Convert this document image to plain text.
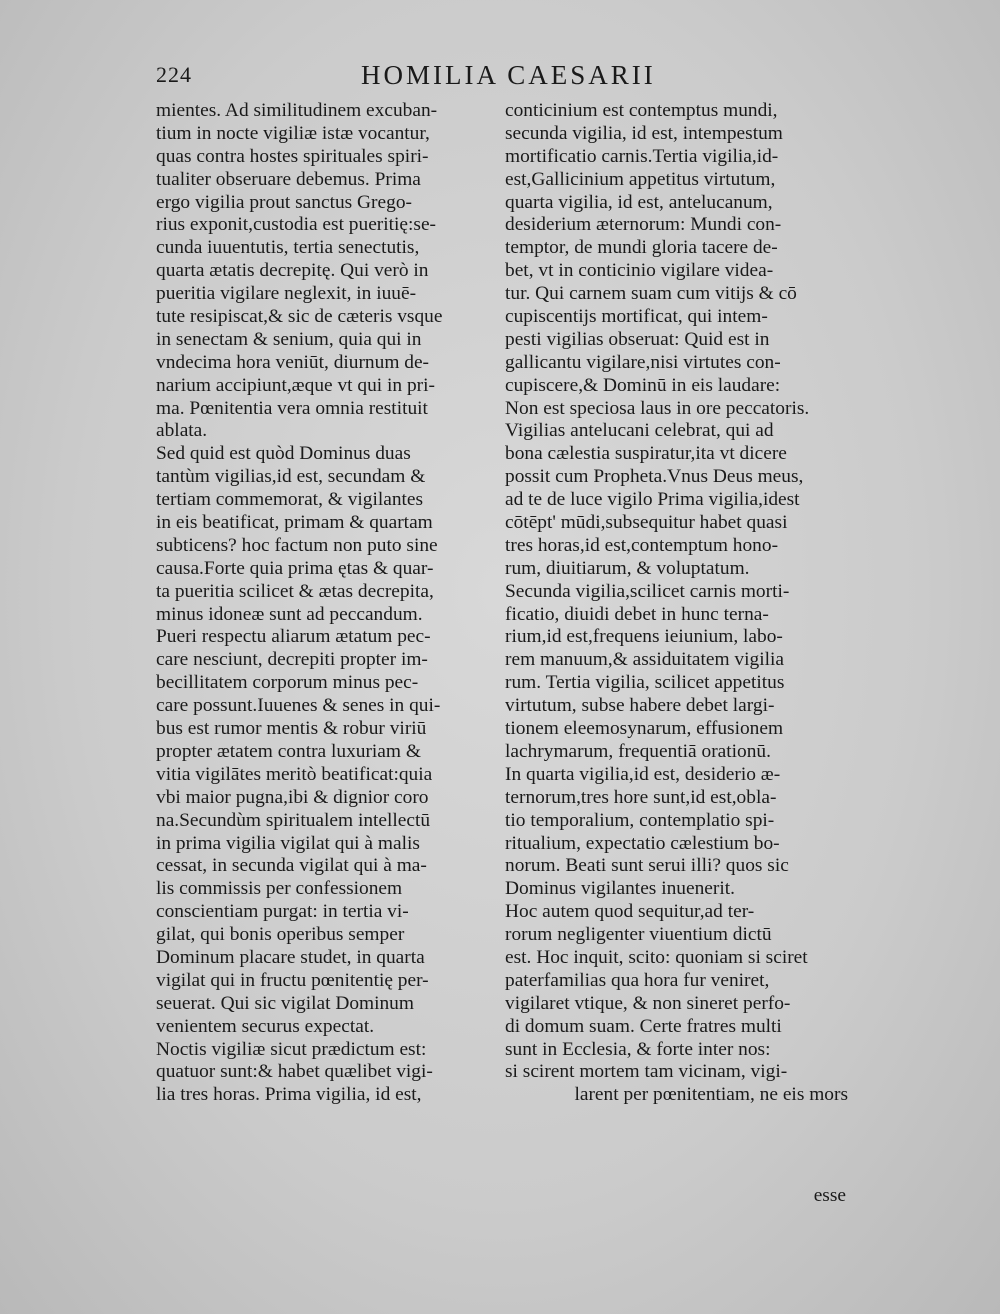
224	HOMILIA CAESARII
mientes. Ad similitudinem excuban-
tium in nocte vigiliæ istæ vocantur,
quas contra hostes spirituales spiri-
tualiter obseruare debemus. Prima
ergo vigilia prout sanctus Grego-
rius exponit,custodia est pueritię:se-
cunda iuuentutis, tertia senectutis,
quarta ætatis decrepitę. Qui verò in
pueritia vigilare neglexit, in iuuē-
tute resipiscat,& sic de cæteris vsque
in senectam & senium, quia qui in
vndecima hora veniūt, diurnum de-
narium accipiunt,æque vt qui in pri-
ma. Pœnitentia vera omnia restituit
ablata.
Sed quid est quòd Dominus duas
tantùm vigilias,id est, secundam &
tertiam commemorat, & vigilantes
in eis beatificat, primam & quartam
subticens? hoc factum non puto sine
causa.Forte quia prima ętas & quar-
ta pueritia scilicet & ætas decrepita,
minus idoneæ sunt ad peccandum.
Pueri respectu aliarum ætatum pec-
care nesciunt, decrepiti propter im-
becillitatem corporum minus pec-
care possunt.Iuuenes & senes in qui-
bus est rumor mentis & robur viriū
propter ætatem contra luxuriam &
vitia vigilātes meritò beatificat:quia
vbi maior pugna,ibi & dignior coro
na.Secundùm spiritualem intellectū
in prima vigilia vigilat qui à malis
cessat, in secunda vigilat qui à ma-
lis commissis per confessionem
conscientiam purgat: in tertia vi-
gilat, qui bonis operibus semper
Dominum placare studet, in quarta
vigilat qui in fructu pœnitentię per-
seuerat. Qui sic vigilat Dominum
venientem securus expectat.
Noctis vigiliæ sicut prædictum est:
quatuor sunt:& habet quælibet vigi-
lia tres horas. Prima vigilia, id est,
conticinium est contemptus mundi,
secunda vigilia, id est, intempestum
mortificatio carnis.Tertia vigilia,id-
est,Gallicinium appetitus virtutum,
quarta vigilia, id est, antelucanum,
desiderium æternorum: Mundi con-
temptor, de mundi gloria tacere de-
bet, vt in conticinio vigilare videa-
tur. Qui carnem suam cum vitijs & cō
cupiscentijs mortificat, qui intem-
pesti vigilias obseruat: Quid est in
gallicantu vigilare,nisi virtutes con-
cupiscere,& Dominū in eis laudare:
Non est speciosa laus in ore peccatoris.
Vigilias antelucani celebrat, qui ad
bona cælestia suspiratur,ita vt dicere
possit cum Propheta.Vnus Deus meus,
ad te de luce vigilo Prima vigilia,idest
cōtēpt' mūdi,subsequitur habet quasi
tres horas,id est,contemptum hono-
rum, diuitiarum, & voluptatum.
Secunda vigilia,scilicet carnis morti-
ficatio, diuidi debet in hunc terna-
rium,id est,frequens ieiunium, labo-
rem manuum,& assiduitatem vigilia
rum. Tertia vigilia, scilicet appetitus
virtutum, subse habere debet largi-
tionem eleemosynarum, effusionem
lachrymarum, frequentiā orationū.
In quarta vigilia,id est, desiderio æ-
ternorum,tres hore sunt,id est,obla-
tio temporalium, contemplatio spi-
ritualium, expectatio cælestium bo-
norum. Beati sunt serui illi? quos sic
Dominus vigilantes inuenerit.
Hoc autem quod sequitur,ad ter-
rorum negligenter viuentium dictū
est. Hoc inquit, scito: quoniam si sciret
paterfamilias qua hora fur veniret,
vigilaret vtique, & non sineret perfo-
di domum suam. Certe fratres multi
sunt in Ecclesia, & forte inter nos:
si scirent mortem tam vicinam, vigi-
larent per pœnitentiam, ne eis mors
esse
